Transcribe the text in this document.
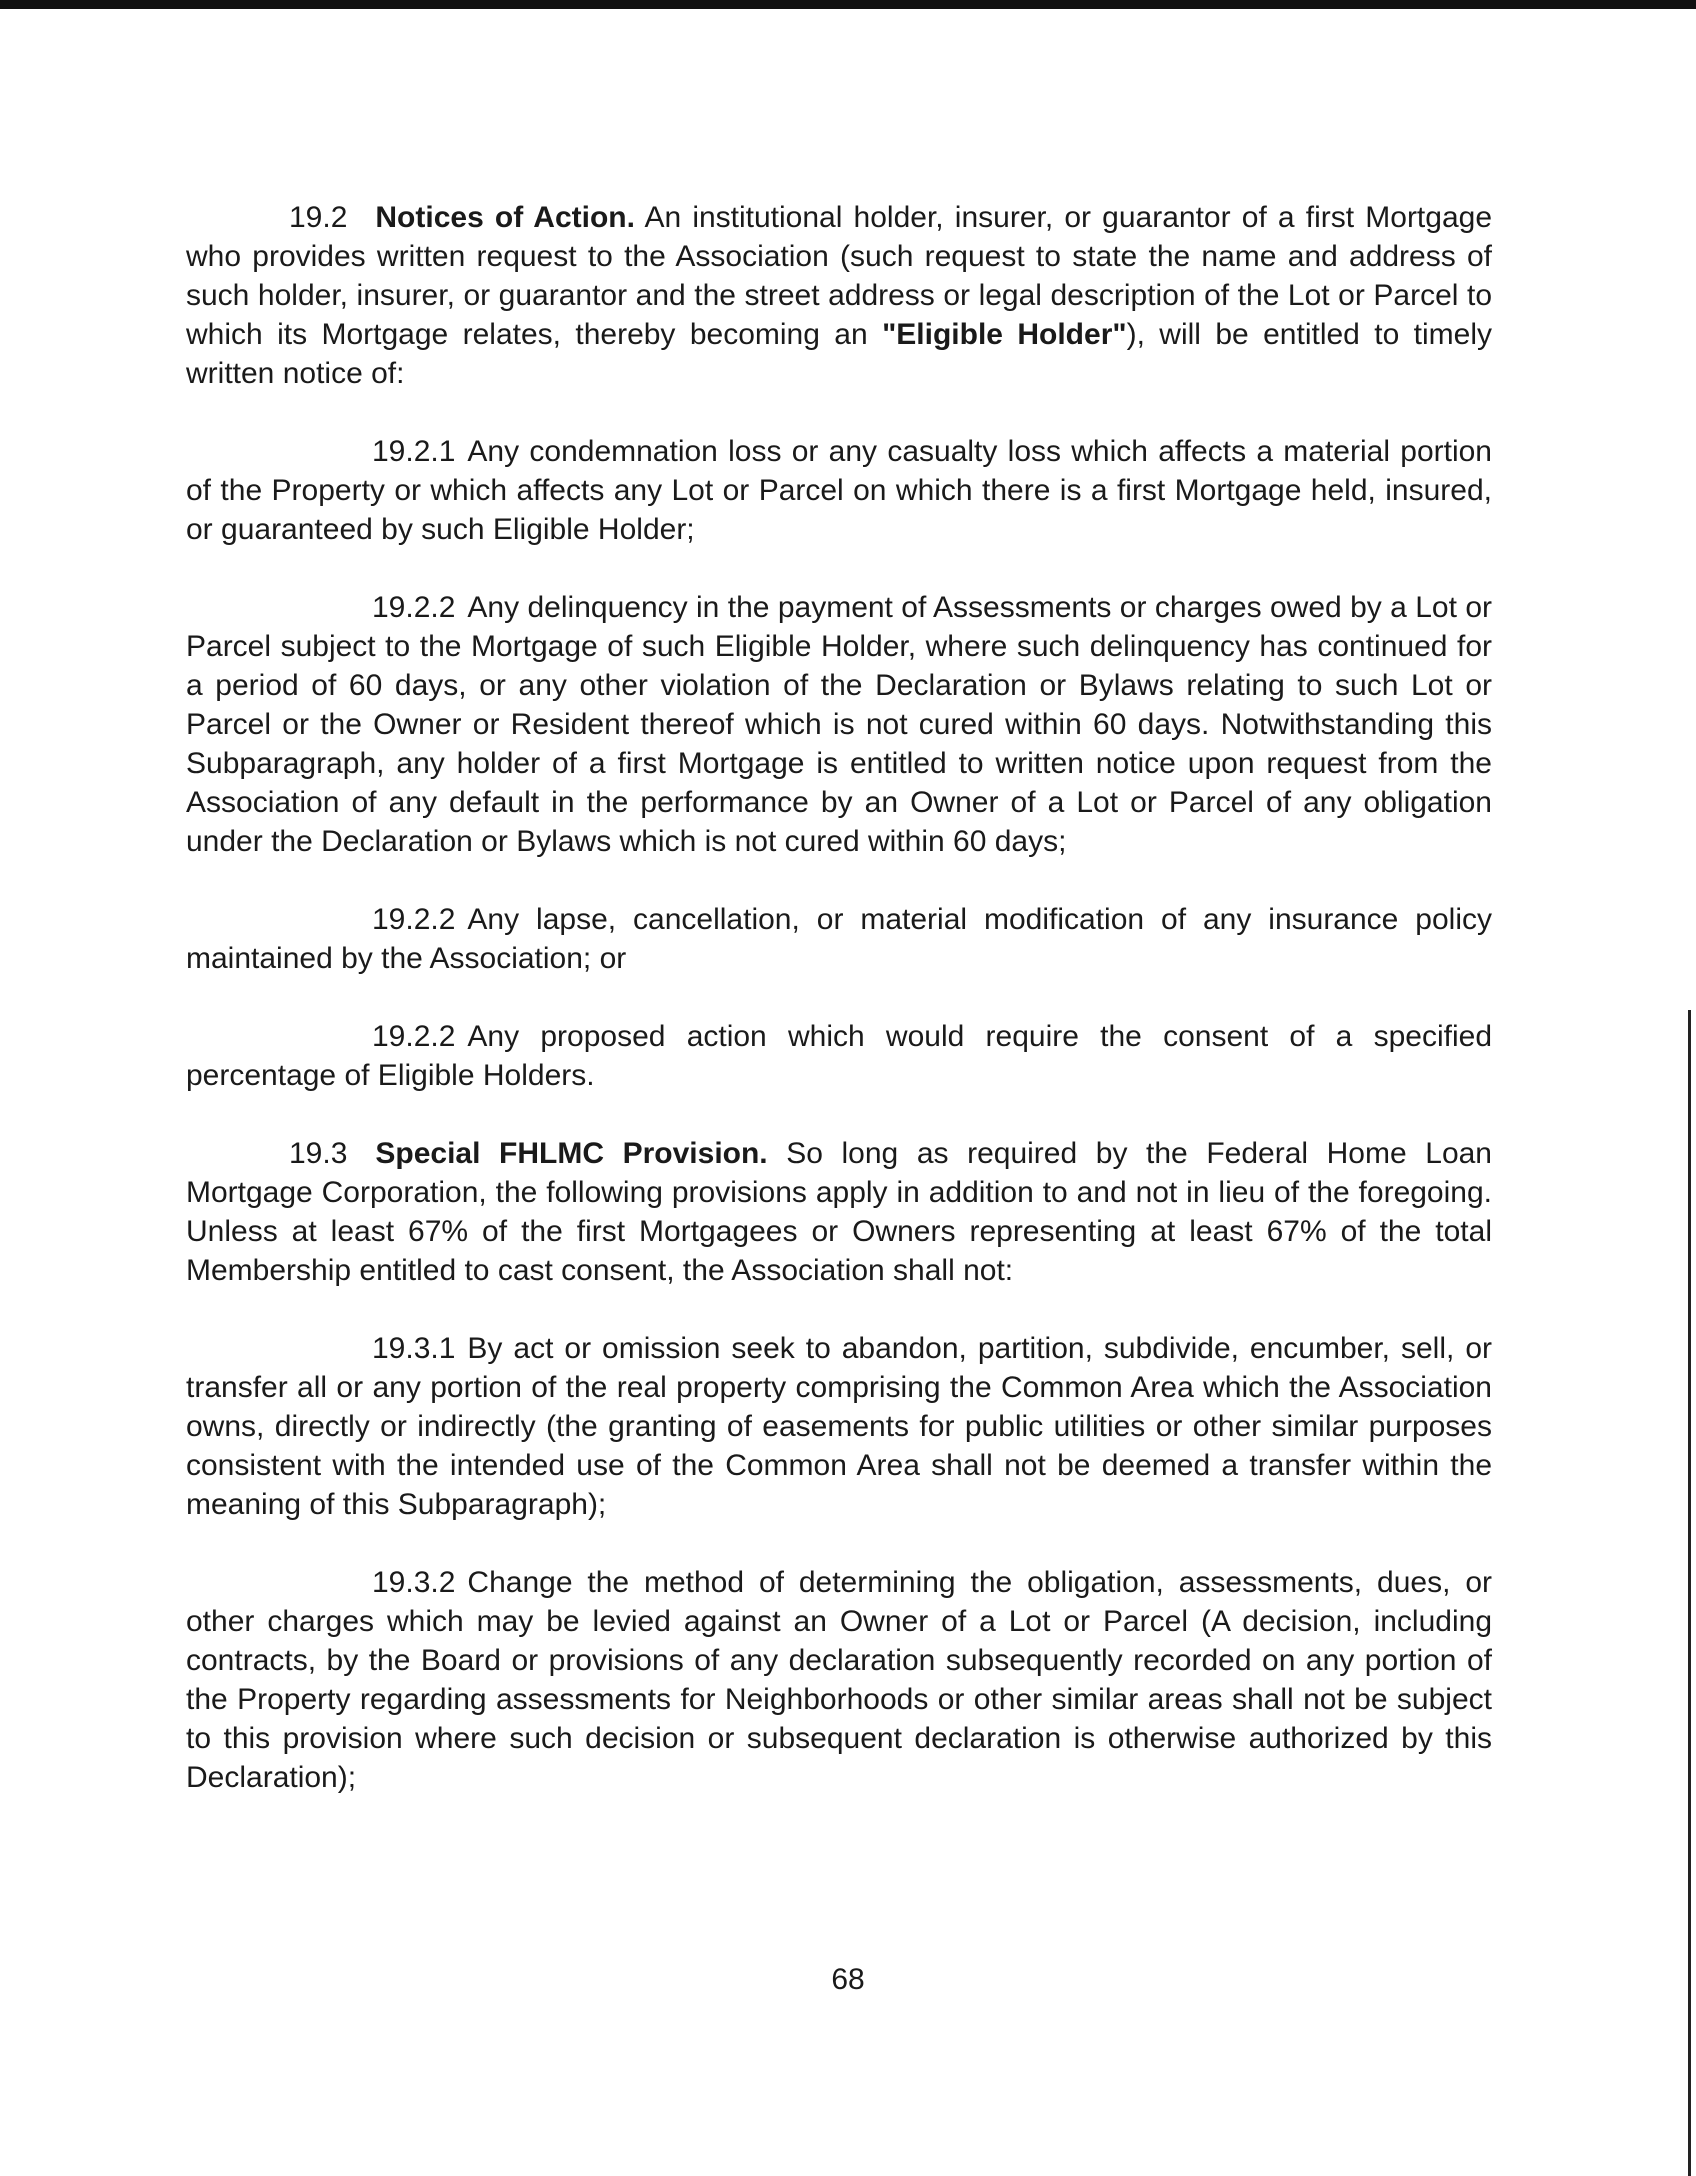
19.2 Notices of Action. An institutional holder, insurer, or guarantor of a first Mortgage who provides written request to the Association (such request to state the name and address of such holder, insurer, or guarantor and the street address or legal description of the Lot or Parcel to which its Mortgage relates, thereby becoming an "Eligible Holder"), will be entitled to timely written notice of:

19.2.1 Any condemnation loss or any casualty loss which affects a material portion of the Property or which affects any Lot or Parcel on which there is a first Mortgage held, insured, or guaranteed by such Eligible Holder;

19.2.2 Any delinquency in the payment of Assessments or charges owed by a Lot or Parcel subject to the Mortgage of such Eligible Holder, where such delinquency has continued for a period of 60 days, or any other violation of the Declaration or Bylaws relating to such Lot or Parcel or the Owner or Resident thereof which is not cured within 60 days. Notwithstanding this Subparagraph, any holder of a first Mortgage is entitled to written notice upon request from the Association of any default in the performance by an Owner of a Lot or Parcel of any obligation under the Declaration or Bylaws which is not cured within 60 days;

19.2.2 Any lapse, cancellation, or material modification of any insurance policy maintained by the Association; or

19.2.2 Any proposed action which would require the consent of a specified percentage of Eligible Holders.

19.3 Special FHLMC Provision. So long as required by the Federal Home Loan Mortgage Corporation, the following provisions apply in addition to and not in lieu of the foregoing. Unless at least 67% of the first Mortgagees or Owners representing at least 67% of the total Membership entitled to cast consent, the Association shall not:

19.3.1 By act or omission seek to abandon, partition, subdivide, encumber, sell, or transfer all or any portion of the real property comprising the Common Area which the Association owns, directly or indirectly (the granting of easements for public utilities or other similar purposes consistent with the intended use of the Common Area shall not be deemed a transfer within the meaning of this Subparagraph);

19.3.2 Change the method of determining the obligation, assessments, dues, or other charges which may be levied against an Owner of a Lot or Parcel (A decision, including contracts, by the Board or provisions of any declaration subsequently recorded on any portion of the Property regarding assessments for Neighborhoods or other similar areas shall not be subject to this provision where such decision or subsequent declaration is otherwise authorized by this Declaration);

68
